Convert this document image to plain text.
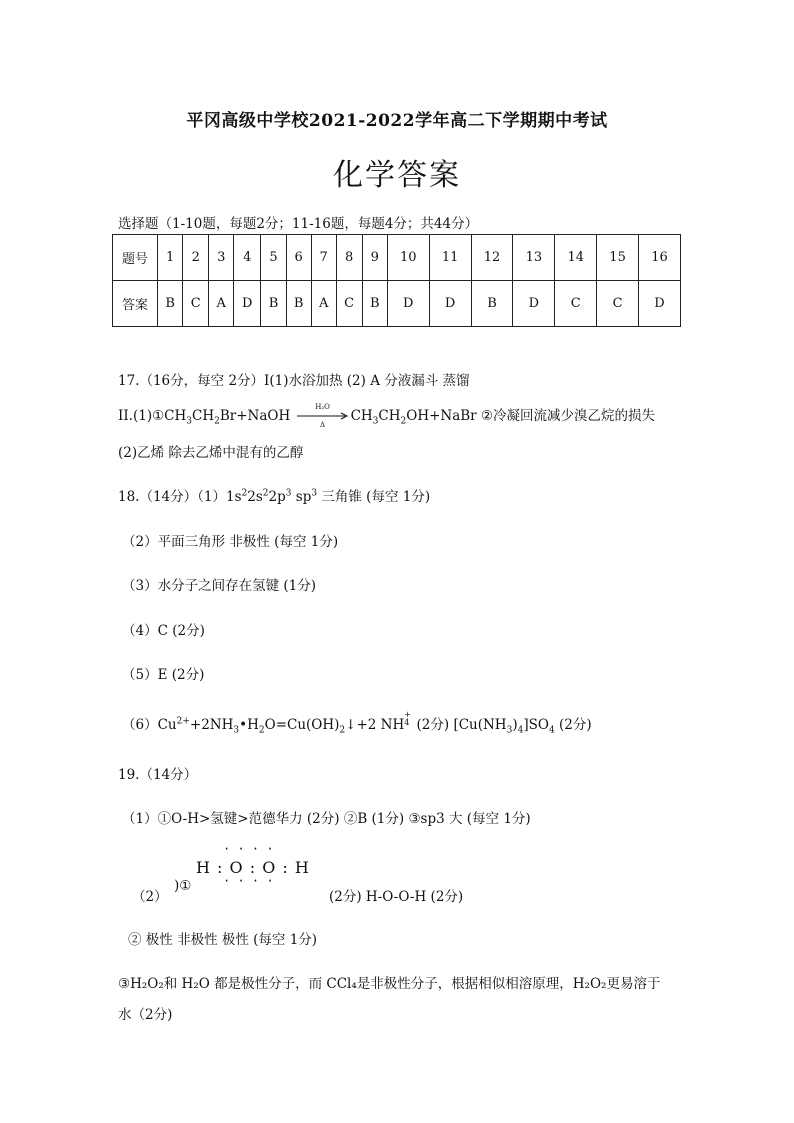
平冈高级中学校2021-2022学年高二下学期期中考试
化学答案
选择题（1-10题，每题2分；11-16题，每题4分；共44分）
题号	1	2	3	4	5	6	7	8	9	10	11	12	13	14	15	16
答案	B	C	A	D	B	B	A	C	B	D	D	B	D	C	C	D
17.（16分，每空 2分）I(1)水浴加热 (2) A 分液漏斗 蒸馏
$II.(1)①CH_3CH_2Br+NaOH$
H₂O
Δ
$CH_3CH_2OH+NaBr$ ②冷凝回流减少溴乙烷的损失
(2)乙烯 除去乙烯中混有的乙醇
18.（14分）$(1)1s^22s^22p^3$ $sp^3$ 三角锥 (每空 1分)
（2）平面三角形 非极性 (每空 1分)
（3）水分子之间存在氢键 (1分)
（4）C (2分)
（5）E (2分)
$(6)Cu^{2+}+2NH_3•H_2O=Cu(OH)_2↓+2$ NH
+
4 (2分) $[Cu(NH_3)_4]SO_4$ (2分)
19.（14分）
（1）①O-H>氢键>范德华力 (2分) ②B (1分) ③sp3 大 (每空 1分)
（2）
)①
· · · ·
H : O : O : H
· · · ·
(2分) H-O-O-H (2分)
② 极性 非极性 极性 (每空 1分)
③H₂O₂和 H₂O 都是极性分子，而 CCl₄是非极性分子，根据相似相溶原理，H₂O₂更易溶于
水（2分)
